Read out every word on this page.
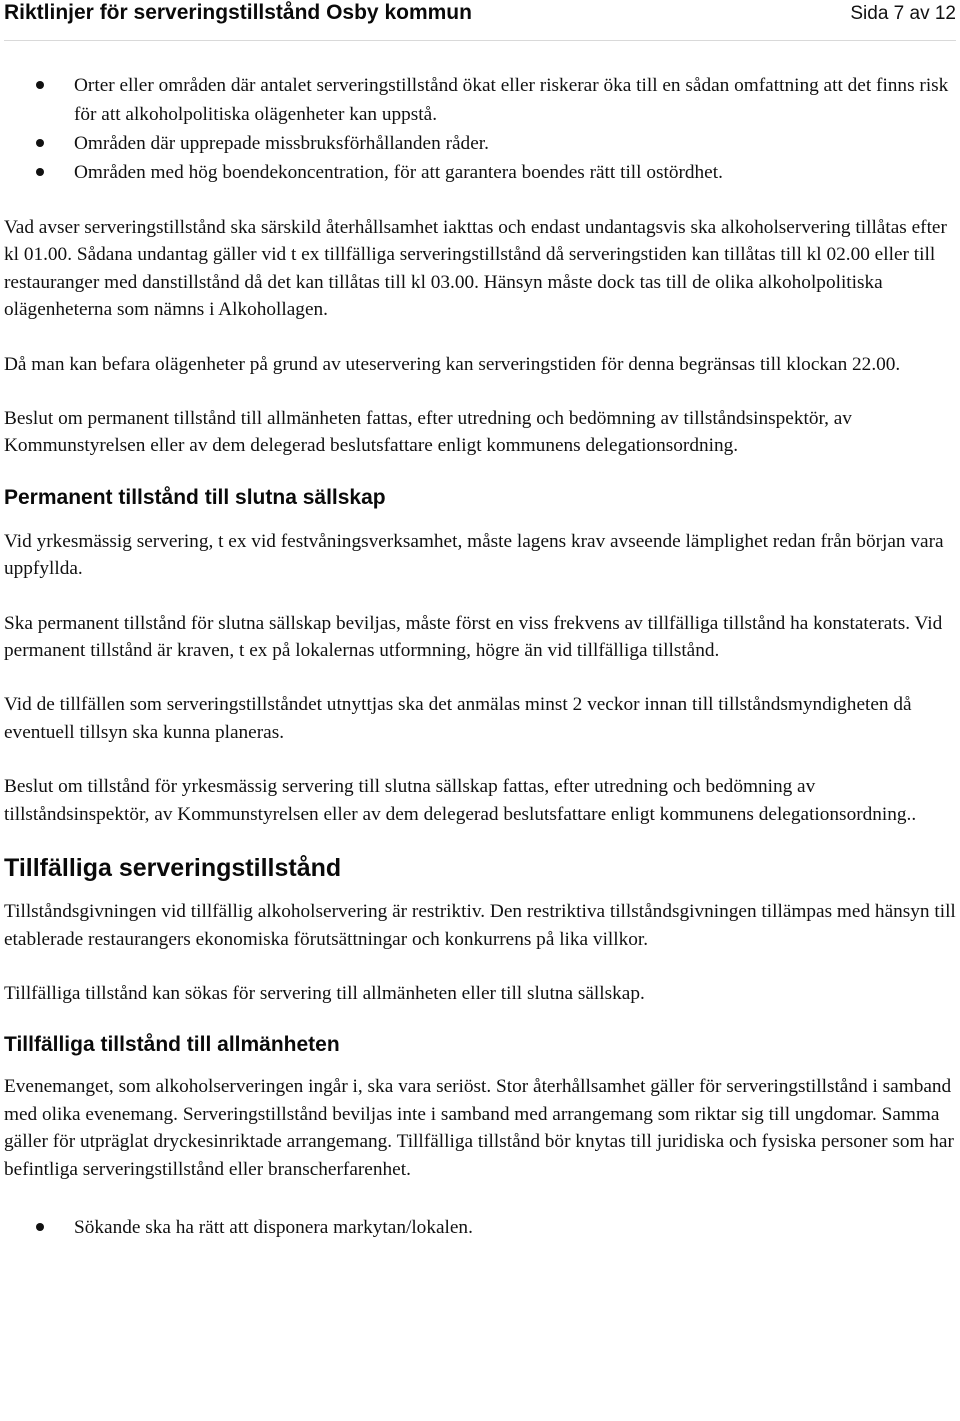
Riktlinjer för serveringstillstånd Osby kommun	Sida 7 av 12
Orter eller områden där antalet serveringstillstånd ökat eller riskerar öka till en sådan omfattning att det finns risk för att alkoholpolitiska olägenheter kan uppstå.
Områden där upprepade missbruksförhållanden råder.
Områden med hög boendekoncentration, för att garantera boendes rätt till ostördhet.

Vad avser serveringstillstånd ska särskild återhållsamhet iakttas och endast undantagsvis ska alkoholservering tillåtas efter kl 01.00. Sådana undantag gäller vid t ex tillfälliga serveringstillstånd då serveringstiden kan tillåtas till kl 02.00 eller till restauranger med danstillstånd då det kan tillåtas till kl 03.00. Hänsyn måste dock tas till de olika alkoholpolitiska olägenheterna som nämns i Alkohollagen.

Då man kan befara olägenheter på grund av uteservering kan serveringstiden för denna begränsas till klockan 22.00.

Beslut om permanent tillstånd till allmänheten fattas, efter utredning och bedömning av tillståndsinspektör, av Kommunstyrelsen eller av dem delegerad beslutsfattare enligt kommunens delegationsordning.

Permanent tillstånd till slutna sällskap

Vid yrkesmässig servering, t ex vid festvåningsverksamhet, måste lagens krav avseende lämplighet redan från början vara uppfyllda.

Ska permanent tillstånd för slutna sällskap beviljas, måste först en viss frekvens av tillfälliga tillstånd ha konstaterats. Vid permanent tillstånd är kraven, t ex på lokalernas utformning, högre än vid tillfälliga tillstånd.

Vid de tillfällen som serveringstillståndet utnyttjas ska det anmälas minst 2 veckor innan till tillståndsmyndigheten då eventuell tillsyn ska kunna planeras.

Beslut om tillstånd för yrkesmässig servering till slutna sällskap fattas, efter utredning och bedömning av tillståndsinspektör, av Kommunstyrelsen eller av dem delegerad beslutsfattare enligt kommunens delegationsordning..

Tillfälliga serveringstillstånd

Tillståndsgivningen vid tillfällig alkoholservering är restriktiv. Den restriktiva tillståndsgivningen tillämpas med hänsyn till etablerade restaurangers ekonomiska förutsättningar och konkurrens på lika villkor.

Tillfälliga tillstånd kan sökas för servering till allmänheten eller till slutna sällskap.

Tillfälliga tillstånd till allmänheten

Evenemanget, som alkoholserveringen ingår i, ska vara seriöst. Stor återhållsamhet gäller för serveringstillstånd i samband med olika evenemang. Serveringstillstånd beviljas inte i samband med arrangemang som riktar sig till ungdomar. Samma gäller för utpräglat dryckesinriktade arrangemang. Tillfälliga tillstånd bör knytas till juridiska och fysiska personer som har befintliga serveringstillstånd eller branscherfarenhet.

Sökande ska ha rätt att disponera markytan/lokalen.
